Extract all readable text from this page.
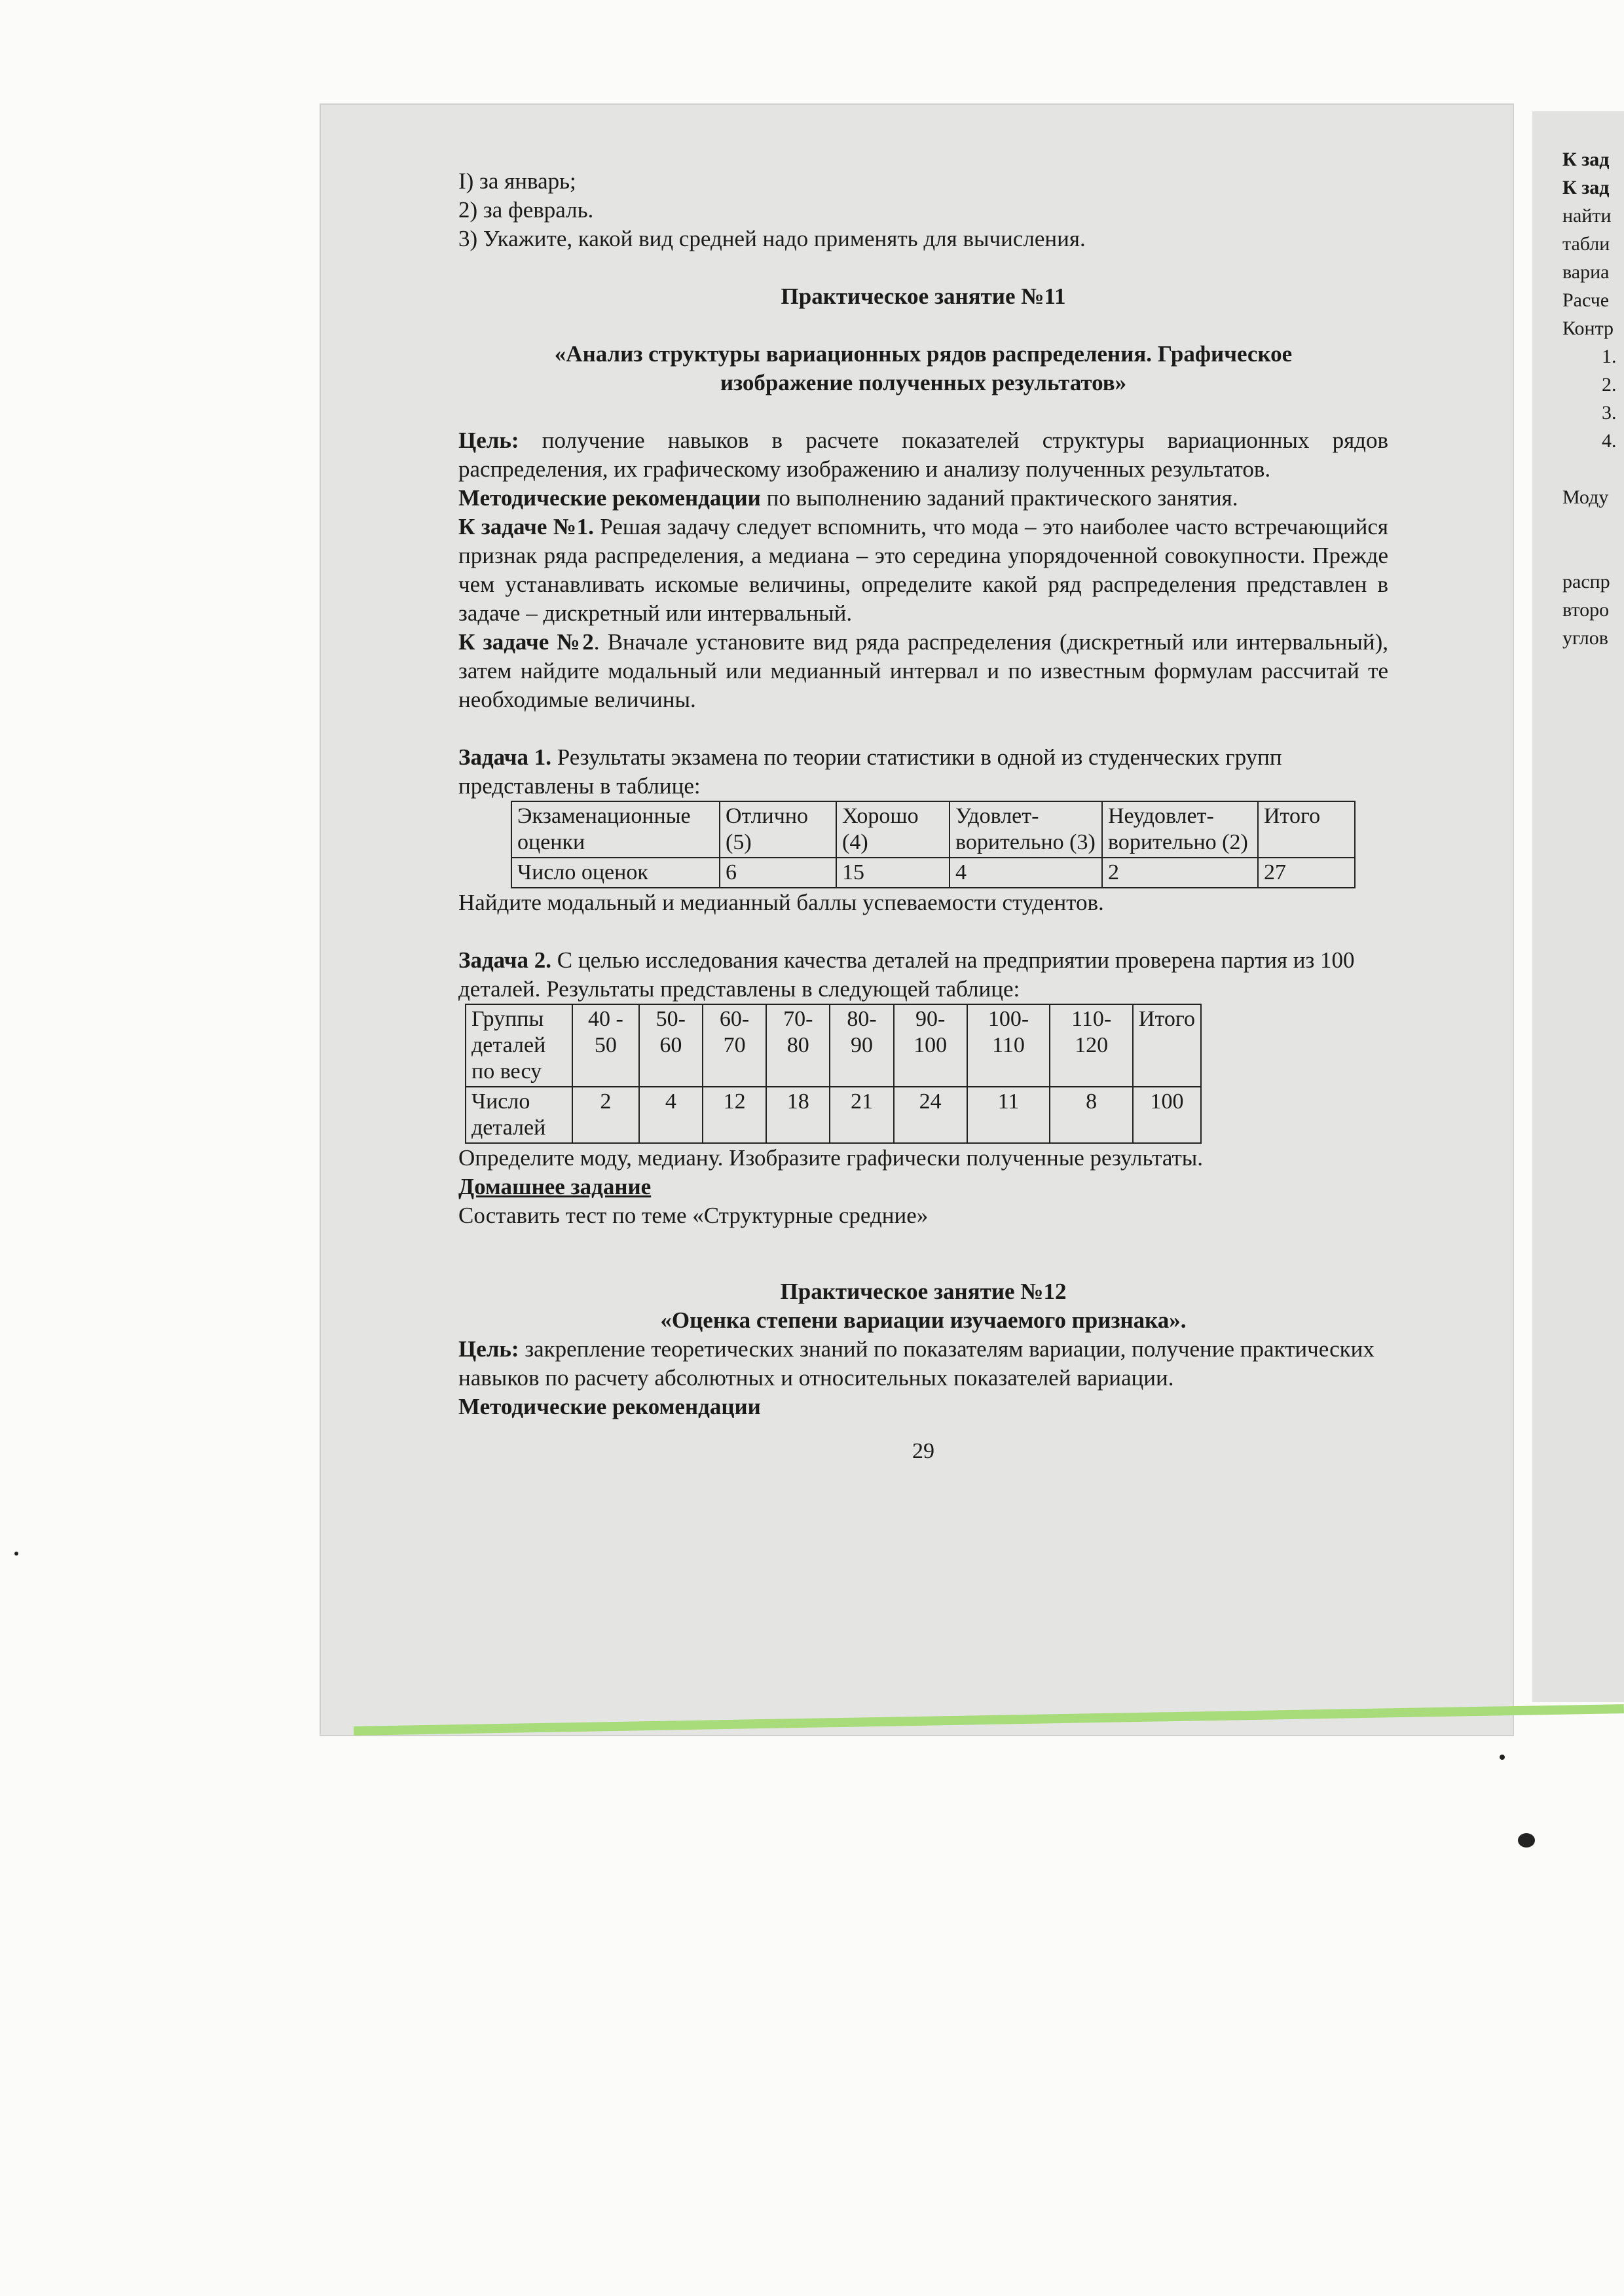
К зад
К зад
найти
табли
вариа
Расче
Контр
1.
2.
3.
4.
Моду
распр
второ
углов

I) за январь;

2) за февраль.

3) Укажите, какой вид средней надо применять для вычисления.

Практическое занятие №11

«Анализ структуры вариационных рядов распределения. Графическое

изображение полученных результатов»

Цель: получение навыков в расчете показателей структуры вариационных рядов распределения, их графическому изображению и анализу полученных результатов.

Методические рекомендации по выполнению заданий практического занятия.

К задаче №1. Решая задачу следует вспомнить, что мода – это наиболее часто встречающийся признак ряда распределения, а медиана – это середина упорядоченной совокупности. Прежде чем устанавливать искомые величины, определите какой ряд распределения представлен в задаче – дискретный или интервальный.

К задаче №2. Вначале установите вид ряда распределения (дискретный или интервальный), затем найдите модальный или медианный интервал и по известным формулам рассчитай те необходимые величины.

Задача 1. Результаты экзамена по теории статистики в одной из студенческих групп представлены в таблице:

Экзаменационные оценки	Отлично (5)	Хорошо (4)	Удовлет-ворительно (3)	Неудовлет-ворительно (2)	Итого
Число оценок	6	15	4	2	27

Найдите модальный и медианный баллы успеваемости студентов.

Задача 2. С целью исследования качества деталей на предприятии проверена партия из 100 деталей. Результаты представлены в следующей таблице:

Группы деталей по весу	40 - 50	50- 60	60- 70	70- 80	80- 90	90- 100	100- 110	110- 120	Итого
Число деталей	2	4	12	18	21	24	11	8	100

Определите моду, медиану. Изобразите графически полученные результаты.

Домашнее задание

Составить тест по теме «Структурные средние»

Практическое занятие №12

«Оценка степени вариации изучаемого признака».

Цель: закрепление теоретических знаний по показателям вариации, получение практических навыков по расчету абсолютных и относительных показателей вариации.

Методические рекомендации

29
